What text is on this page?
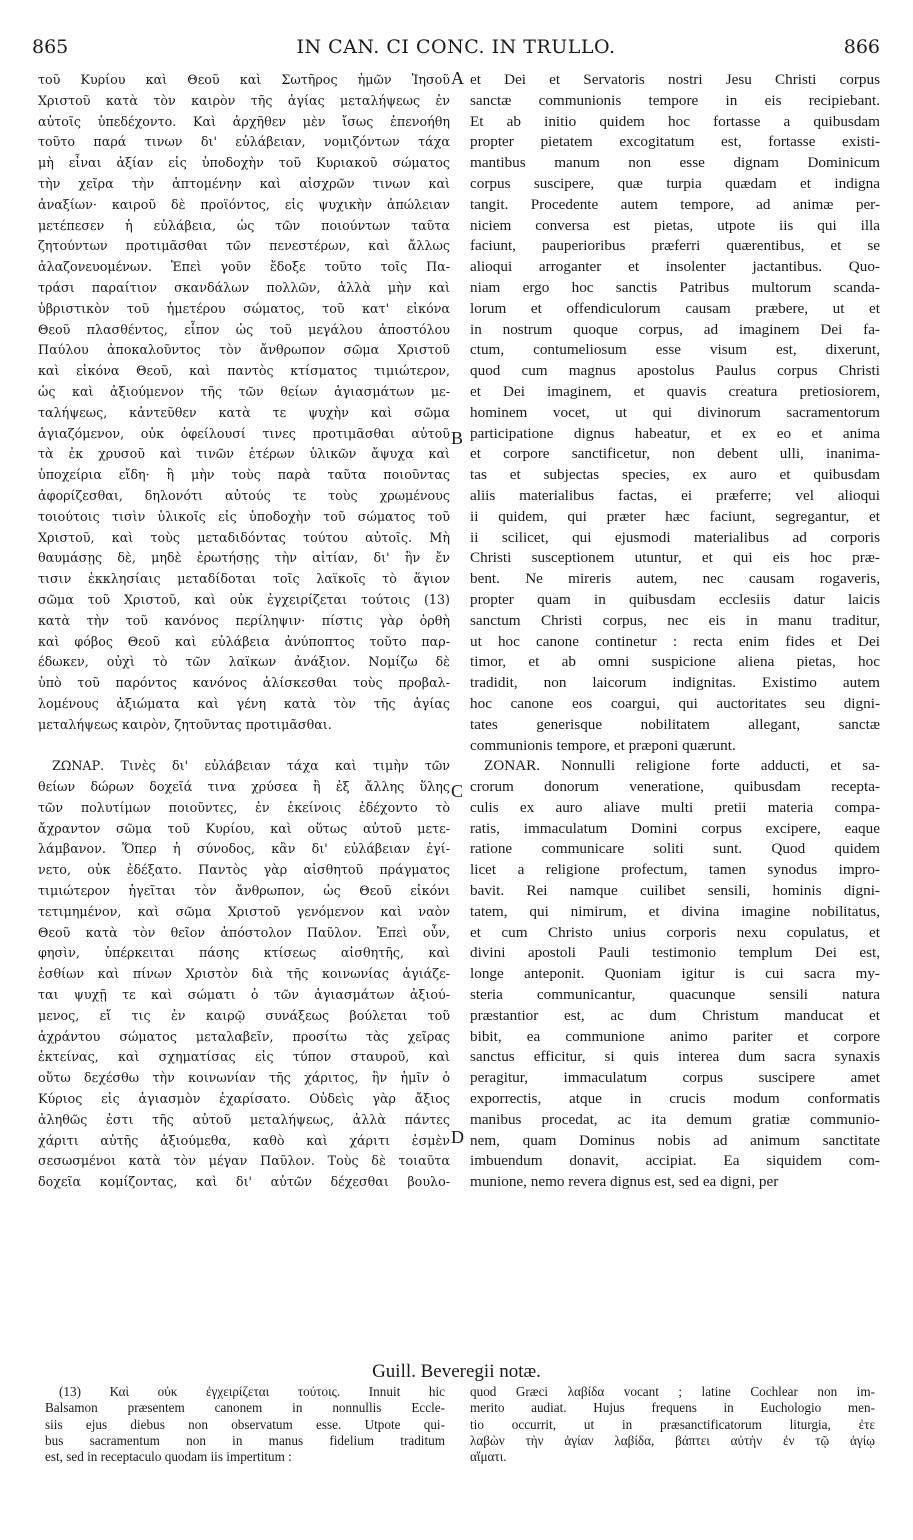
865	IN CAN. CI CONC. IN TRULLO.	866
τοῦ Κυρίου καὶ Θεοῦ καὶ Σωτῆρος ἡμῶν Ἰησοῦ
Χριστοῦ κατὰ τὸν καιρὸν τῆς ἁγίας μεταλήψεως ἐν
αὐτοῖς ὑπεδέχοντο. Καὶ ἀρχῆθεν μὲν ἴσως ἐπενοήθη
τοῦτο παρά τινων δι' εὐλάβειαν, νομιζόντων τάχα
μὴ εἶναι ἀξίαν εἰς ὑποδοχὴν τοῦ Κυριακοῦ σώματος
τὴν χεῖρα τὴν ἁπτομένην καὶ αἰσχρῶν τινων καὶ
ἀναξίων· καιροῦ δὲ προϊόντος, εἰς ψυχικὴν ἀπώλειαν
μετέπεσεν ἡ εὐλάβεια, ὡς τῶν ποιούντων ταῦτα
ζητούντων προτιμᾶσθαι τῶν πενεστέρων, καὶ ἄλλως
ἀλαζονευομένων. Ἐπεὶ γοῦν ἔδοξε τοῦτο τοῖς Πα-
τράσι παραίτιον σκανδάλων πολλῶν, ἀλλὰ μὴν καὶ
ὑβριστικὸν τοῦ ἡμετέρου σώματος, τοῦ κατ' εἰκόνα
Θεοῦ πλασθέντος, εἶπον ὡς τοῦ μεγάλου ἀποστόλου
Παύλου ἀποκαλοῦντος τὸν ἄνθρωπον σῶμα Χριστοῦ
καὶ εἰκόνα Θεοῦ, καὶ παντὸς κτίσματος τιμιώτερον,
ὡς καὶ ἀξιούμενον τῆς τῶν θείων ἁγιασμάτων με-
ταλήψεως, κἀντεῦθεν κατὰ τε ψυχὴν καὶ σῶμα
ἁγιαζόμενον, οὐκ ὀφείλουσί τινες προτιμᾶσθαι αὐτοῦ
τὰ ἐκ χρυσοῦ καὶ τινῶν ἑτέρων ὑλικῶν ἄψυχα καὶ
ὑποχείρια εἴδη· ἢ μὴν τοὺς παρὰ ταῦτα ποιοῦντας
ἀφορίζεσθαι, δηλονότι αὐτούς τε τοὺς χρωμένους
τοιούτοις τισὶν ὑλικοῖς εἰς ὑποδοχὴν τοῦ σώματος τοῦ
Χριστοῦ, καὶ τοὺς μεταδιδόντας τούτου αὐτοῖς. Μὴ
θαυμάσῃς δὲ, μηδὲ ἐρωτήσῃς τὴν αἰτίαν, δι' ἣν ἔν
τισιν ἐκκλησίαις μεταδίδοται τοῖς λαϊκοῖς τὸ ἅγιον
σῶμα τοῦ Χριστοῦ, καὶ οὐκ ἐγχειρίζεται τούτοις (13)
κατὰ τὴν τοῦ κανόνος περίληψιν· πίστις γὰρ ὀρθὴ
καὶ φόβος Θεοῦ καὶ εὐλάβεια ἀνύποπτος τοῦτο παρ-
έδωκεν, οὐχὶ τὸ τῶν λαϊκων ἀνάξιον. Νομίζω δὲ
ὑπὸ τοῦ παρόντος κανόνος ἁλίσκεσθαι τοὺς προβαλ-
λομένους ἀξιώματα καὶ γένη κατὰ τὸν τῆς ἁγίας
μεταλήψεως καιρὸν, ζητοῦντας προτιμᾶσθαι.
ΖΩΝΑΡ. Τινὲς δι' εὐλάβειαν τάχα καὶ τιμὴν τῶν
θείων δώρων δοχεῖά τινα χρύσεα ἢ ἐξ ἄλλης ὕλης
τῶν πολυτίμων ποιοῦντες, ἐν ἐκείνοις ἐδέχοντο τὸ
ἄχραντον σῶμα τοῦ Κυρίου, καὶ οὕτως αὐτοῦ μετε-
λάμβανον. Ὅπερ ἡ σύνοδος, κἂν δι' εὐλάβειαν ἐγί-
νετο, οὐκ ἐδέξατο. Παντὸς γὰρ αἰσθητοῦ πράγματος
τιμιώτερον ἡγεῖται τὸν ἄνθρωπον, ὡς Θεοῦ εἰκόνι
τετιμημένον, καὶ σῶμα Χριστοῦ γενόμενον καὶ ναὸν
Θεοῦ κατὰ τὸν θεῖον ἀπόστολον Παῦλον. Ἐπεὶ οὖν,
φησὶν, ὑπέρκειται πάσης κτίσεως αἰσθητῆς, καὶ
ἐσθίων καὶ πίνων Χριστὸν διὰ τῆς κοινωνίας ἁγιάζε-
ται ψυχῇ τε καὶ σώματι ὁ τῶν ἁγιασμάτων ἀξιού-
μενος, εἴ τις ἐν καιρῷ συνάξεως βούλεται τοῦ
ἀχράντου σώματος μεταλαβεῖν, προσίτω τὰς χεῖρας
ἐκτείνας, καὶ σχηματίσας εἰς τύπον σταυροῦ, καὶ
οὕτω δεχέσθω τὴν κοινωνίαν τῆς χάριτος, ἣν ἡμῖν ὁ
Κύριος εἰς ἁγιασμὸν ἐχαρίσατο. Οὐδεὶς γὰρ ἄξιος
ἀληθῶς ἐστι τῆς αὐτοῦ μεταλήψεως, ἀλλὰ πάντες
χάριτι αὐτῆς ἀξιούμεθα, καθὸ καὶ χάριτι ἐσμὲν
σεσωσμένοι κατὰ τὸν μέγαν Παῦλον. Τοὺς δὲ τοιαῦτα
δοχεῖα κομίζοντας, καὶ δι' αὐτῶν δέχεσθαι βουλο-
et Dei et Servatoris nostri Jesu Christi corpus
sanctæ communionis tempore in eis recipiebant.
Et ab initio quidem hoc fortasse a quibusdam
propter pietatem excogitatum est, fortasse existi-
mantibus manum non esse dignam Dominicum
corpus suscipere, quæ turpia quædam et indigna
tangit. Procedente autem tempore, ad animæ per-
niciem conversa est pietas, utpote iis qui illa
faciunt, pauperioribus præferri quærentibus, et se
alioqui arroganter et insolenter jactantibus. Quo-
niam ergo hoc sanctis Patribus multorum scanda-
lorum et offendiculorum causam præbere, ut et
in nostrum quoque corpus, ad imaginem Dei fa-
ctum, contumeliosum esse visum est, dixerunt,
quod cum magnus apostolus Paulus corpus Christi
et Dei imaginem, et quavis creatura pretiosiorem,
hominem vocet, ut qui divinorum sacramentorum
participatione dignus habeatur, et ex eo et anima
et corpore sanctificetur, non debent ulli, inanima-
tas et subjectas species, ex auro et quibusdam
aliis materialibus factas, ei præferre; vel alioqui
ii quidem, qui præter hæc faciunt, segregantur, et
ii scilicet, qui ejusmodi materialibus ad corporis
Christi susceptionem utuntur, et qui eis hoc præ-
bent. Ne mireris autem, nec causam rogaveris,
propter quam in quibusdam ecclesiis datur laicis
sanctum Christi corpus, nec eis in manu traditur,
ut hoc canone continetur : recta enim fides et Dei
timor, et ab omni suspicione aliena pietas, hoc
tradidit, non laicorum indignitas. Existimo autem
hoc canone eos coargui, qui auctoritates seu digni-
tates generisque nobilitatem allegant, sanctæ
communionis tempore, et præponi quærunt.
ZONAR. Nonnulli religione forte adducti, et sa-
crorum donorum veneratione, quibusdam recepta-
culis ex auro aliave multi pretii materia compa-
ratis, immaculatum Domini corpus excipere, eaque
ratione communicare soliti sunt. Quod quidem
licet a religione profectum, tamen synodus impro-
bavit. Rei namque cuilibet sensili, hominis digni-
tatem, qui nimirum, et divina imagine nobilitatus,
et cum Christo unius corporis nexu copulatus, et
divini apostoli Pauli testimonio templum Dei est,
longe anteponit. Quoniam igitur is cui sacra my-
steria communicantur, quacunque sensili natura
præstantior est, ac dum Christum manducat et
bibit, ea communione animo pariter et corpore
sanctus efficitur, si quis interea dum sacra synaxis
peragitur, immaculatum corpus suscipere amet
exporrectis, atque in crucis modum conformatis
manibus procedat, ac ita demum gratiæ communio-
nem, quam Dominus nobis ad animum sanctitate
imbuendum donavit, accipiat. Ea siquidem com-
munione, nemo revera dignus est, sed ea digni, per
A
B
C
D
Guill. Beveregii notæ.
(13) Καὶ οὐκ ἐγχειρίζεται τούτοις. Innuit hic
Balsamon præsentem canonem in nonnullis Eccle-
siis ejus diebus non observatum esse. Utpote qui-
bus sacramentum non in manus fidelium traditum
est, sed in receptaculo quodam iis impertitum :
quod Græci λαβίδα vocant ; latine Cochlear non im-
merito audiat. Hujus frequens in Euchologio men-
tio occurrit, ut in præsanctificatorum liturgia, ἐτε
λαβὼν τὴν ἁγίαν λαβίδα, βάπτει αὐτὴν ἐν τῷ ἁγίῳ
αἵματι.
